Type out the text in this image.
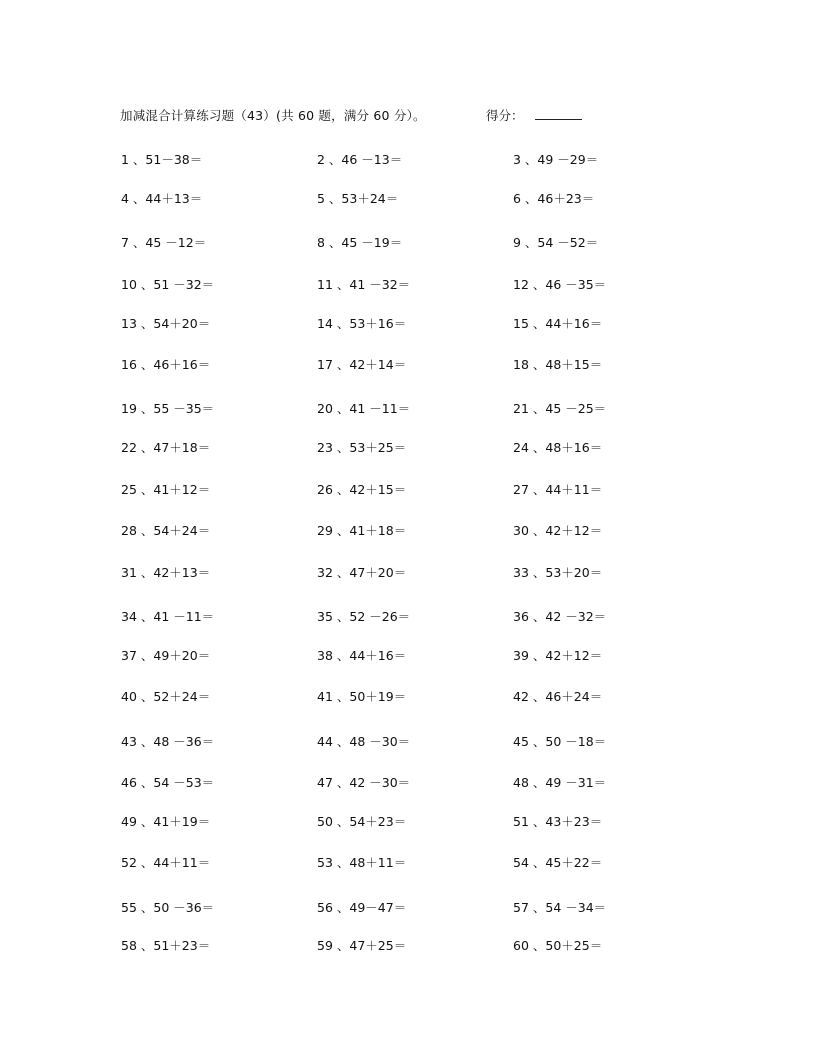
加减混合计算练习题（43）(共 60 题，满分 60 分）。	得分：
1 、51－38＝	2 、46 －13＝	3 、49 －29＝
4 、44＋13＝	5 、53＋24＝	6 、46＋23＝
7 、45 －12＝	8 、45 －19＝	9 、54 －52＝
10 、51 －32＝	11 、41 －32＝	12 、46 －35＝
13 、54＋20＝	14 、53＋16＝	15 、44＋16＝
16 、46＋16＝	17 、42＋14＝	18 、48＋15＝
19 、55 －35＝	20 、41 －11＝	21 、45 －25＝
22 、47＋18＝	23 、53＋25＝	24 、48＋16＝
25 、41＋12＝	26 、42＋15＝	27 、44＋11＝
28 、54＋24＝	29 、41＋18＝	30 、42＋12＝
31 、42＋13＝	32 、47＋20＝	33 、53＋20＝
34 、41 －11＝	35 、52 －26＝	36 、42 －32＝
37 、49＋20＝	38 、44＋16＝	39 、42＋12＝
40 、52＋24＝	41 、50＋19＝	42 、46＋24＝
43 、48 －36＝	44 、48 －30＝	45 、50 －18＝
46 、54 －53＝	47 、42 －30＝	48 、49 －31＝
49 、41＋19＝	50 、54＋23＝	51 、43＋23＝
52 、44＋11＝	53 、48＋11＝	54 、45＋22＝
55 、50 －36＝	56 、49－47＝	57 、54 －34＝
58 、51＋23＝	59 、47＋25＝	60 、50＋25＝
